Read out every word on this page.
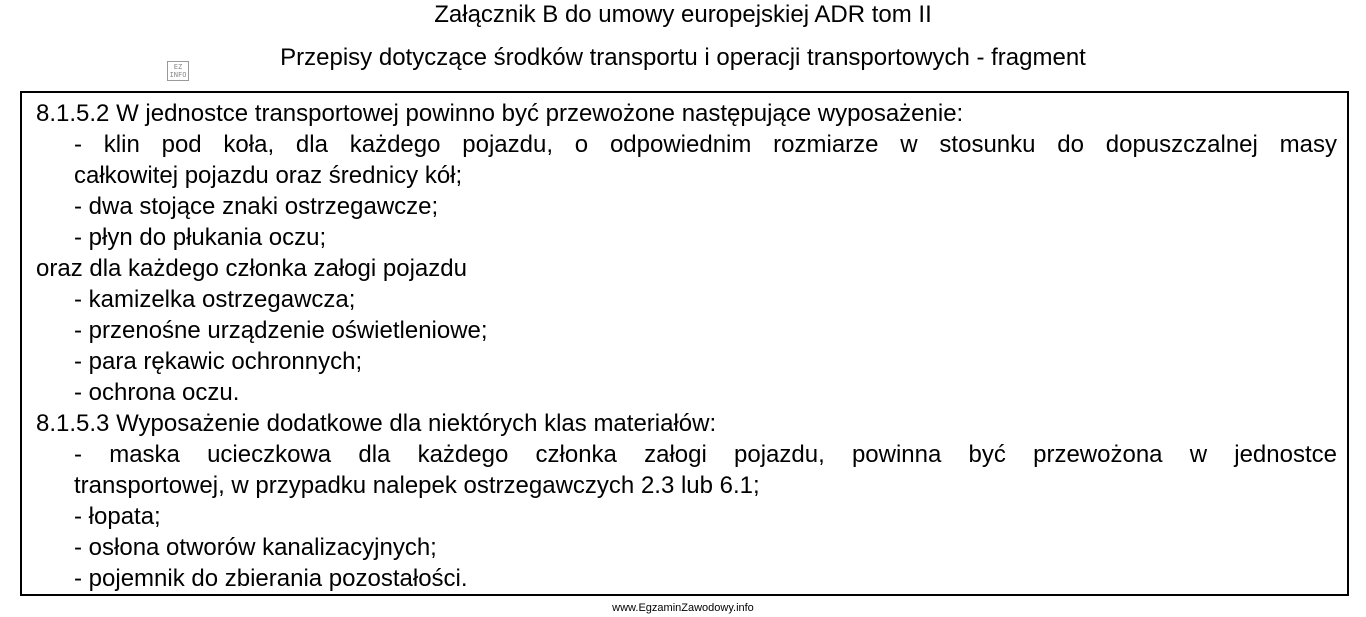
Załącznik B do umowy europejskiej ADR tom II
EZ INFO
Przepisy dotyczące środków transportu i operacji transportowych - fragment

8.1.5.2 W jednostce transportowej powinno być przewożone następujące wyposażenie:

- klin pod koła, dla każdego pojazdu, o odpowiednim rozmiarze w stosunku do dopuszczalnej masy

całkowitej pojazdu oraz średnicy kół;

- dwa stojące znaki ostrzegawcze;

- płyn do płukania oczu;

oraz dla każdego członka załogi pojazdu

- kamizelka ostrzegawcza;

- przenośne urządzenie oświetleniowe;

- para rękawic ochronnych;

- ochrona oczu.

8.1.5.3 Wyposażenie dodatkowe dla niektórych klas materiałów:

- maska ucieczkowa dla każdego członka załogi pojazdu, powinna być przewożona w jednostce

transportowej, w przypadku nalepek ostrzegawczych 2.3 lub 6.1;

- łopata;

- osłona otworów kanalizacyjnych;

- pojemnik do zbierania pozostałości.

www.EgzaminZawodowy.info
